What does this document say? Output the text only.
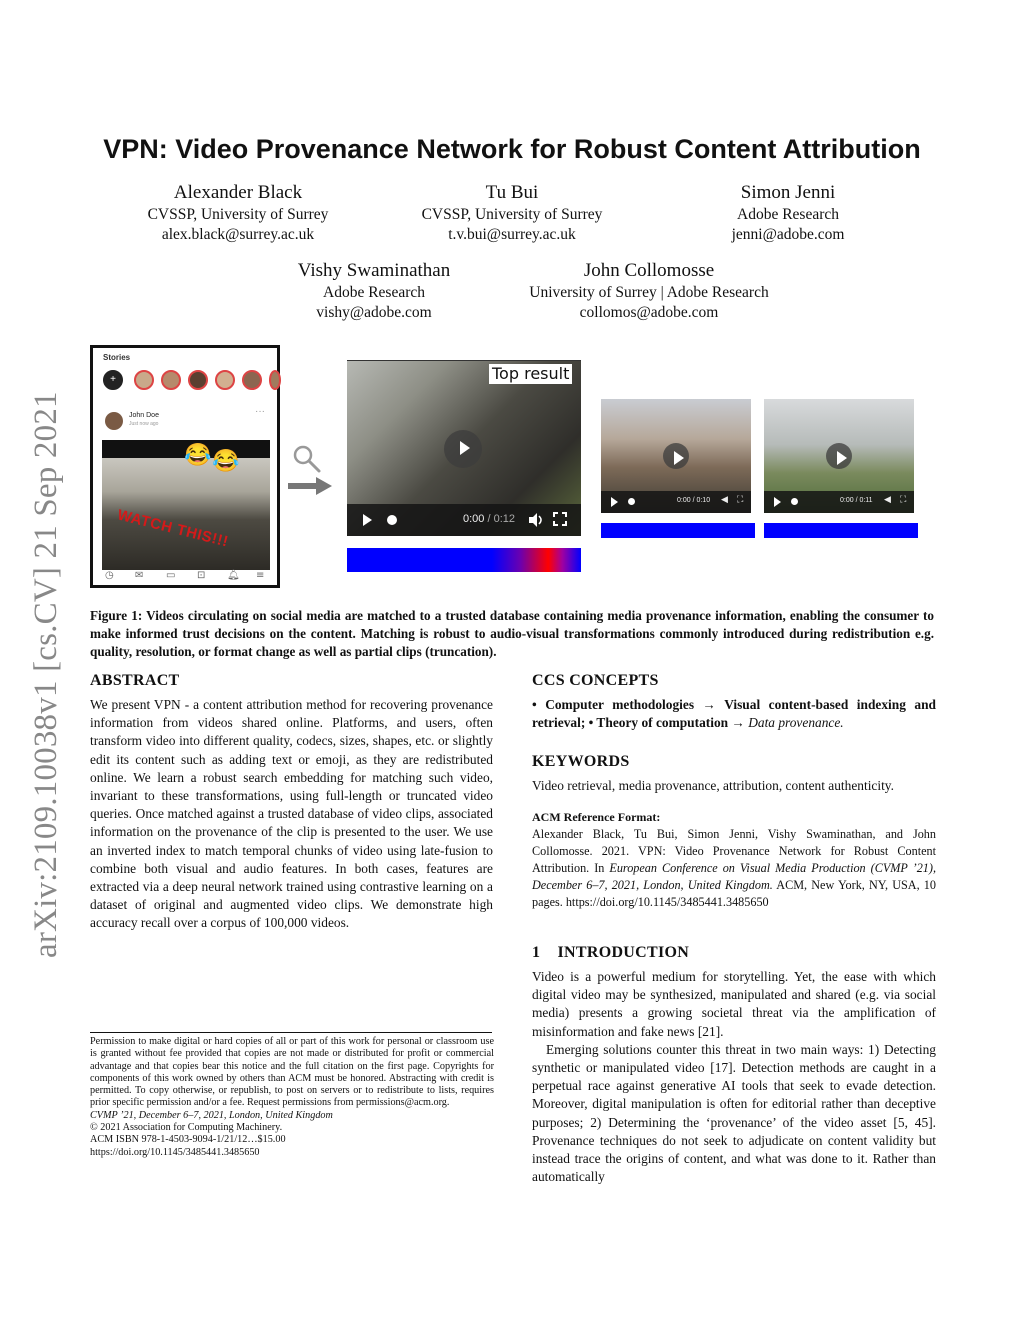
arXiv:2109.10038v1 [cs.CV] 21 Sep 2021
VPN: Video Provenance Network for Robust Content Attribution
Alexander Black
CVSSP, University of Surrey
alex.black@surrey.ac.uk
Tu Bui
CVSSP, University of Surrey
t.v.bui@surrey.ac.uk
Simon Jenni
Adobe Research
jenni@adobe.com
Vishy Swaminathan
Adobe Research
vishy@adobe.com
John Collomosse
University of Surrey | Adobe Research
collomos@adobe.com
Stories
+
John Doe
Just now ago
···
😂 😂
WATCH THIS!!!
◷ ✉ ▭ ⊡ 🔔︎ ≡
0:00 / 0:12
Top result
0:00 / 0:10 ◀ ⛶	0:00 / 0:11 ◀ ⛶
Figure 1: Videos circulating on social media are matched to a trusted database containing media provenance information, enabling the consumer to make informed trust decisions on the content. Matching is robust to audio-visual transformations commonly introduced during redistribution e.g. quality, resolution, or format change as well as partial clips (truncation).
ABSTRACT
We present VPN - a content attribution method for recovering provenance information from videos shared online. Platforms, and users, often transform video into different quality, codecs, sizes, shapes, etc. or slightly edit its content such as adding text or emoji, as they are redistributed online. We learn a robust search embedding for matching such video, invariant to these transformations, using full-length or truncated video queries. Once matched against a trusted database of video clips, associated information on the provenance of the clip is presented to the user. We use an inverted index to match temporal chunks of video using late-fusion to combine both visual and audio features. In both cases, features are extracted via a deep neural network trained using contrastive learning on a dataset of original and augmented video clips. We demonstrate high accuracy recall over a corpus of 100,000 videos.
CCS CONCEPTS
• Computer methodologies → Visual content-based indexing and retrieval; • Theory of computation → Data provenance.
KEYWORDS
Video retrieval, media provenance, attribution, content authenticity.
ACM Reference Format:
Alexander Black, Tu Bui, Simon Jenni, Vishy Swaminathan, and John Collomosse. 2021. VPN: Video Provenance Network for Robust Content Attribution. In European Conference on Visual Media Production (CVMP ’21), December 6–7, 2021, London, United Kingdom. ACM, New York, NY, USA, 10 pages. https://doi.org/10.1145/3485441.3485650
1    INTRODUCTION

Video is a powerful medium for storytelling. Yet, the ease with which digital video may be synthesized, manipulated and shared (e.g. via social media) presents a growing societal threat via the amplification of misinformation and fake news [21].

Emerging solutions counter this threat in two main ways: 1) Detecting synthetic or manipulated video [17]. Detection methods are caught in a perpetual race against generative AI tools that seek to evade detection. Moreover, digital manipulation is often for editorial rather than deceptive purposes; 2) Determining the ‘provenance’ of the video asset [5, 45]. Provenance techniques do not seek to adjudicate on content validity but instead trace the origins of content, and what was done to it. Rather than automatically

Permission to make digital or hard copies of all or part of this work for personal or classroom use is granted without fee provided that copies are not made or distributed for profit or commercial advantage and that copies bear this notice and the full citation on the first page. Copyrights for components of this work owned by others than ACM must be honored. Abstracting with credit is permitted. To copy otherwise, or republish, to post on servers or to redistribute to lists, requires prior specific permission and/or a fee. Request permissions from permissions@acm.org.
CVMP ’21, December 6–7, 2021, London, United Kingdom
© 2021 Association for Computing Machinery.
ACM ISBN 978-1-4503-9094-1/21/12…$15.00
https://doi.org/10.1145/3485441.3485650
